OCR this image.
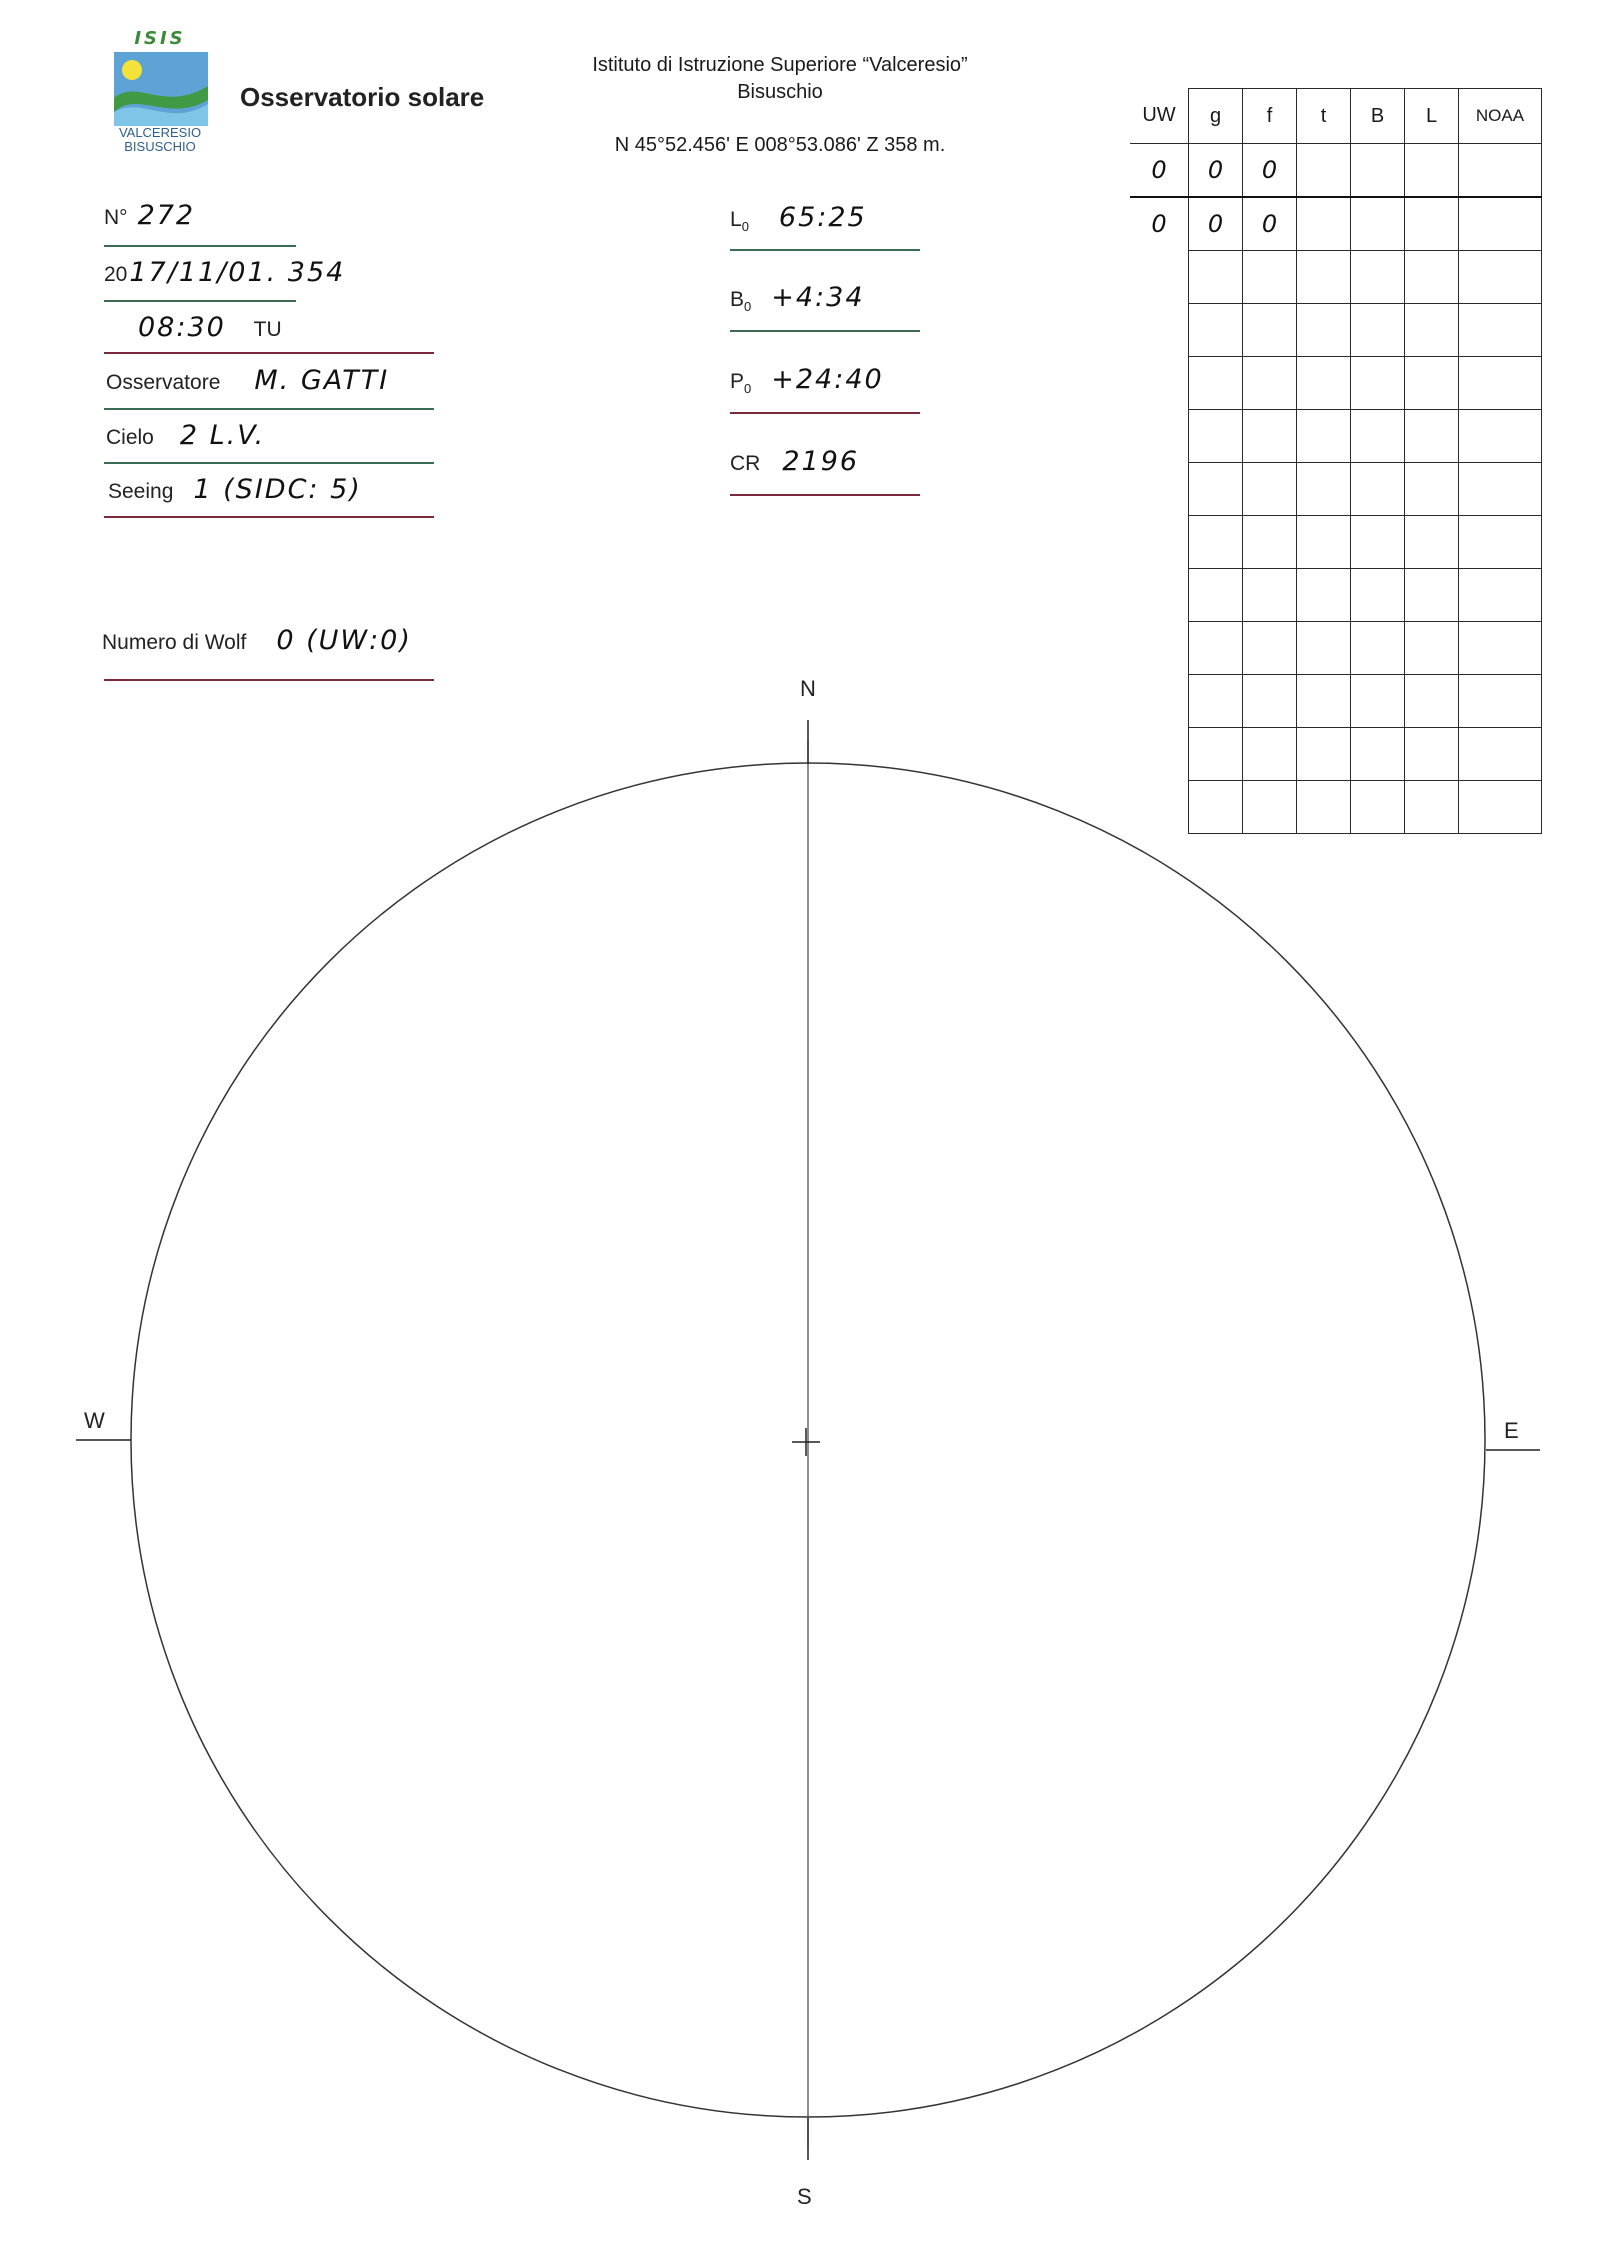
ISIS
VALCERESIO
BISUSCHIO
Osservatorio solare
Istituto di Istruzione Superiore “Valceresio”
Bisuschio
N 45°52.456' E 008°53.086' Z 358 m.
N° 272
2017/11/01. 354
08:30 TU
Osservatore M. GATTI
Cielo 2 L.V.
Seeing 1 (SIDC: 5)
Numero di Wolf 0 (UW:0)
$L_0$ 65:25
$B_0$ +4:34
$P_0$ +24:40
CR 2196
UW	g	f	t	B	L	NOAA
0	0	0				
0	0	0				

N
S
W	E
